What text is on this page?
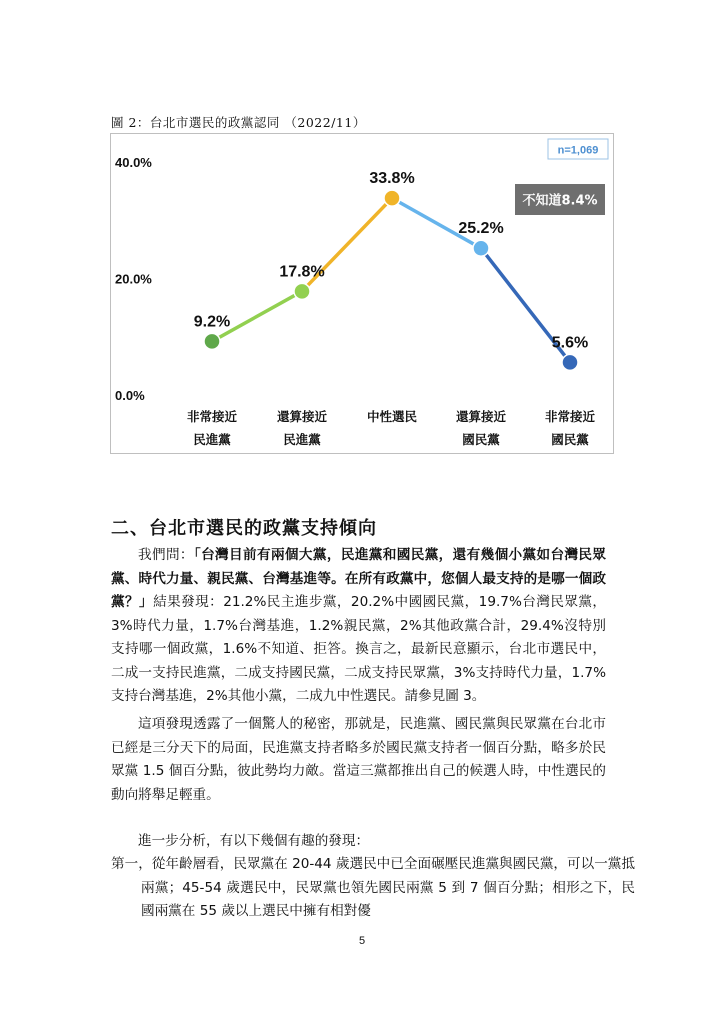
圖 2：台北市選民的政黨認同 （2022/11）
0.0%
20.0%
40.0%
9.2%
17.8%
33.8%
25.2%
5.6%
非常接近
民進黨
還算接近
民進黨
中性選民	還算接近
國民黨
非常接近
國民黨
n=1,069
不知道8.4%
二、台北市選民的政黨支持傾向
我們問：「台灣目前有兩個大黨，民進黨和國民黨，還有幾個小黨如台灣民眾黨、時代力量、親民黨、台灣基進等。在所有政黨中，您個人最支持的是哪一個政黨？」結果發現：21.2%民主進步黨，20.2%中國國民黨，19.7%台灣民眾黨，3%時代力量，1.7%台灣基進，1.2%親民黨，2%其他政黨合計，29.4%沒特別支持哪一個政黨，1.6%不知道、拒答。換言之，最新民意顯示，台北市選民中，二成一支持民進黨，二成支持國民黨，二成支持民眾黨，3%支持時代力量，1.7%支持台灣基進，2%其他小黨，二成九中性選民。請參見圖 3。
這項發現透露了一個驚人的秘密，那就是，民進黨、國民黨與民眾黨在台北市已經是三分天下的局面，民進黨支持者略多於國民黨支持者一個百分點，略多於民眾黨 1.5 個百分點，彼此勢均力敵。當這三黨都推出自己的候選人時，中性選民的動向將舉足輕重。
進一步分析，有以下幾個有趣的發現：
第一，從年齡層看，民眾黨在 20-44 歲選民中已全面碾壓民進黨與國民黨，可以一黨抵兩黨；45-54 歲選民中，民眾黨也領先國民兩黨 5 到 7 個百分點；相形之下，民國兩黨在 55 歲以上選民中擁有相對優
5
